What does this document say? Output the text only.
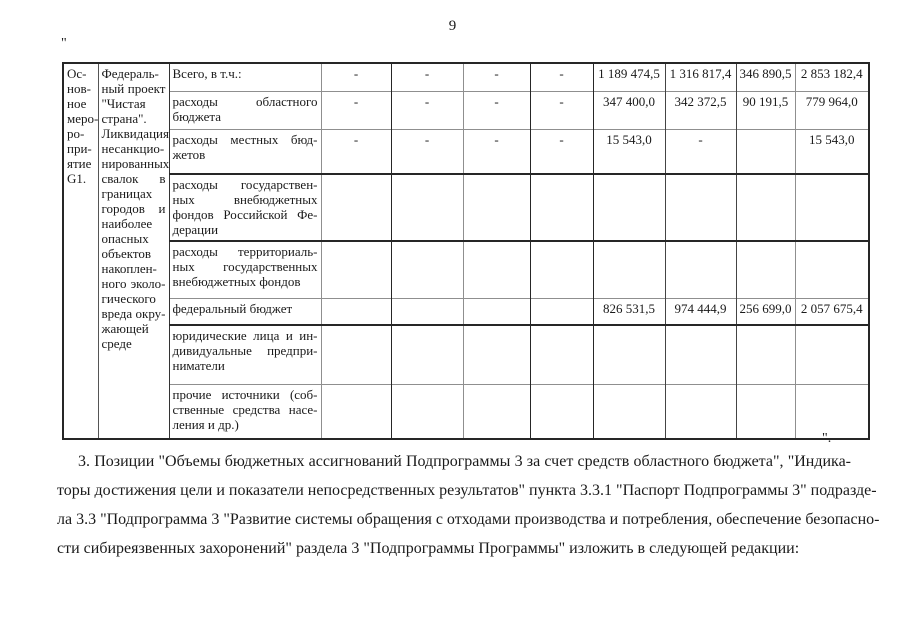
9
"
Ос-нов-ное меро-ро-при-ятие G1.	Федераль-ный проект "Чистая страна". Ликвидация несанкцио-нированных свалок в границах городов и наиболее опасных объектов накоплен-ного эколо-гического вреда окру-жающей среде	Всего, в т.ч.:	-	-	-	-	1 189 474,5	1 316 817,4	346 890,5	2 853 182,4
		расходы областного бюджета	-	-	-	-	347 400,0	342 372,5	90 191,5	779 964,0
		расходы местных бюд-жетов	-	-	-	-	15 543,0	-		15 543,0
		расходы государствен-ных внебюджетных фондов Российской Фе-дерации								
		расходы территориаль-ных государственных внебюджетных фондов								
		федеральный бюджет					826 531,5	974 444,9	256 699,0	2 057 675,4
		юридические лица и ин-дивидуальные предпри-ниматели								
		прочие источники (соб-ственные средства насе-ления и др.)								
".
3. Позиции "Объемы бюджетных ассигнований Подпрограммы 3 за счет средств областного бюджета", "Индика-
торы достижения цели и показатели непосредственных результатов" пункта 3.3.1 "Паспорт Подпрограммы 3" подразде-
ла 3.3 "Подпрограмма 3 "Развитие системы обращения с отходами производства и потребления, обеспечение безопасно-
сти сибиреязвенных захоронений" раздела 3 "Подпрограммы Программы" изложить в следующей редакции:
